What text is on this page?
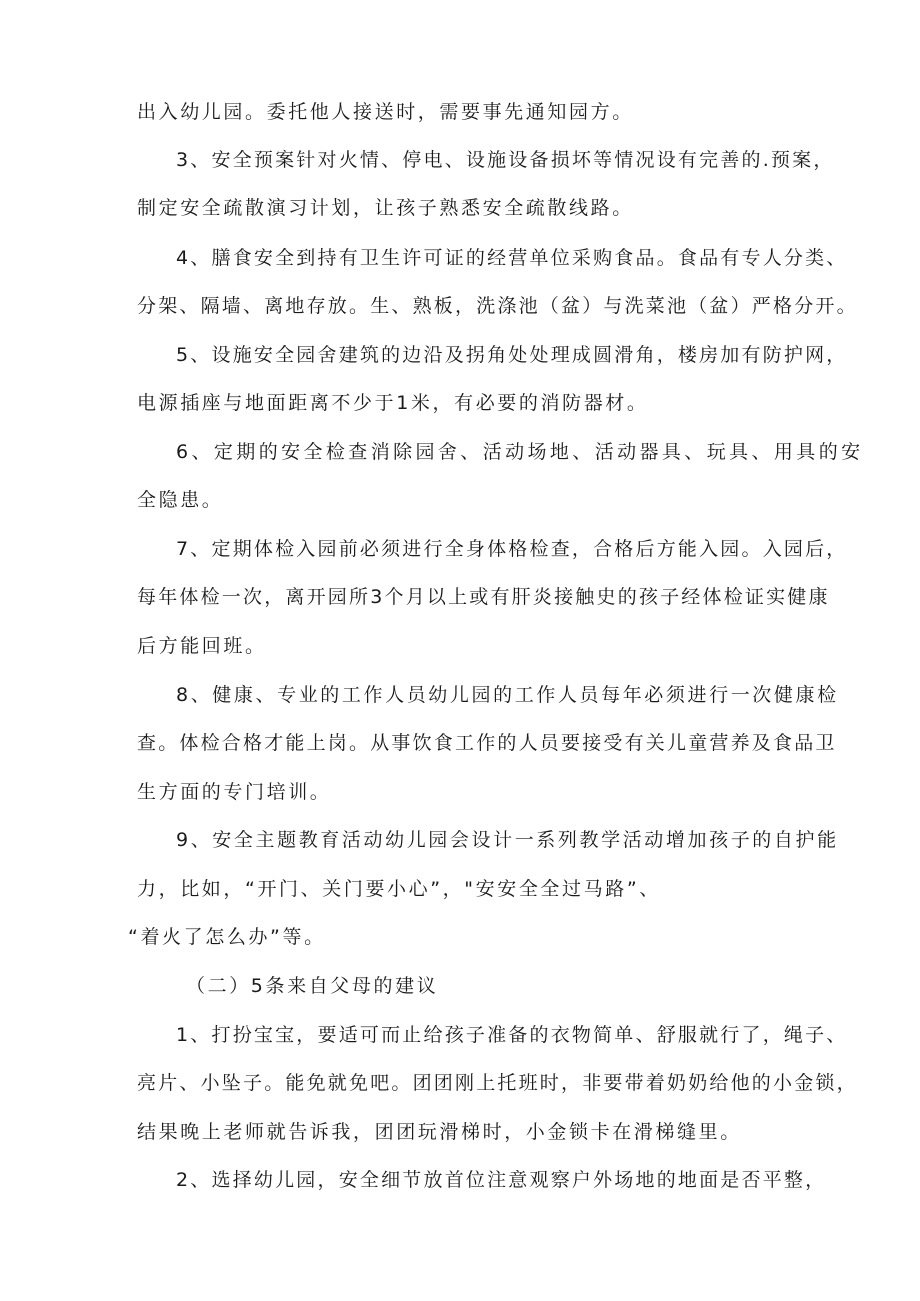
出入幼儿园。委托他人接送时，需要事先通知园方。
3、安全预案针对火情、停电、设施设备损坏等情况设有完善的.预案，
制定安全疏散演习计划，让孩子熟悉安全疏散线路。
4、膳食安全到持有卫生许可证的经营单位采购食品。食品有专人分类、
分架、隔墙、离地存放。生、熟板，洗涤池（盆）与洗菜池（盆）严格分开。
5、设施安全园舍建筑的边沿及拐角处处理成圆滑角，楼房加有防护网，
电源插座与地面距离不少于1米，有必要的消防器材。
6、定期的安全检查消除园舍、活动场地、活动器具、玩具、用具的安
全隐患。
7、定期体检入园前必须进行全身体格检查，合格后方能入园。入园后，
每年体检一次，离开园所3个月以上或有肝炎接触史的孩子经体检证实健康
后方能回班。
8、健康、专业的工作人员幼儿园的工作人员每年必须进行一次健康检
查。体检合格才能上岗。从事饮食工作的人员要接受有关儿童营养及食品卫
生方面的专门培训。
9、安全主题教育活动幼儿园会设计一系列教学活动增加孩子的自护能
力，比如，“开门、关门要小心”，"安安全全过马路”、
“着火了怎么办”等。
（二）5条来自父母的建议
1、打扮宝宝，要适可而止给孩子准备的衣物简单、舒服就行了，绳子、
亮片、小坠子。能免就免吧。团团刚上托班时，非要带着奶奶给他的小金锁，
结果晚上老师就告诉我，团团玩滑梯时，小金锁卡在滑梯缝里。
2、选择幼儿园，安全细节放首位注意观察户外场地的地面是否平整，
